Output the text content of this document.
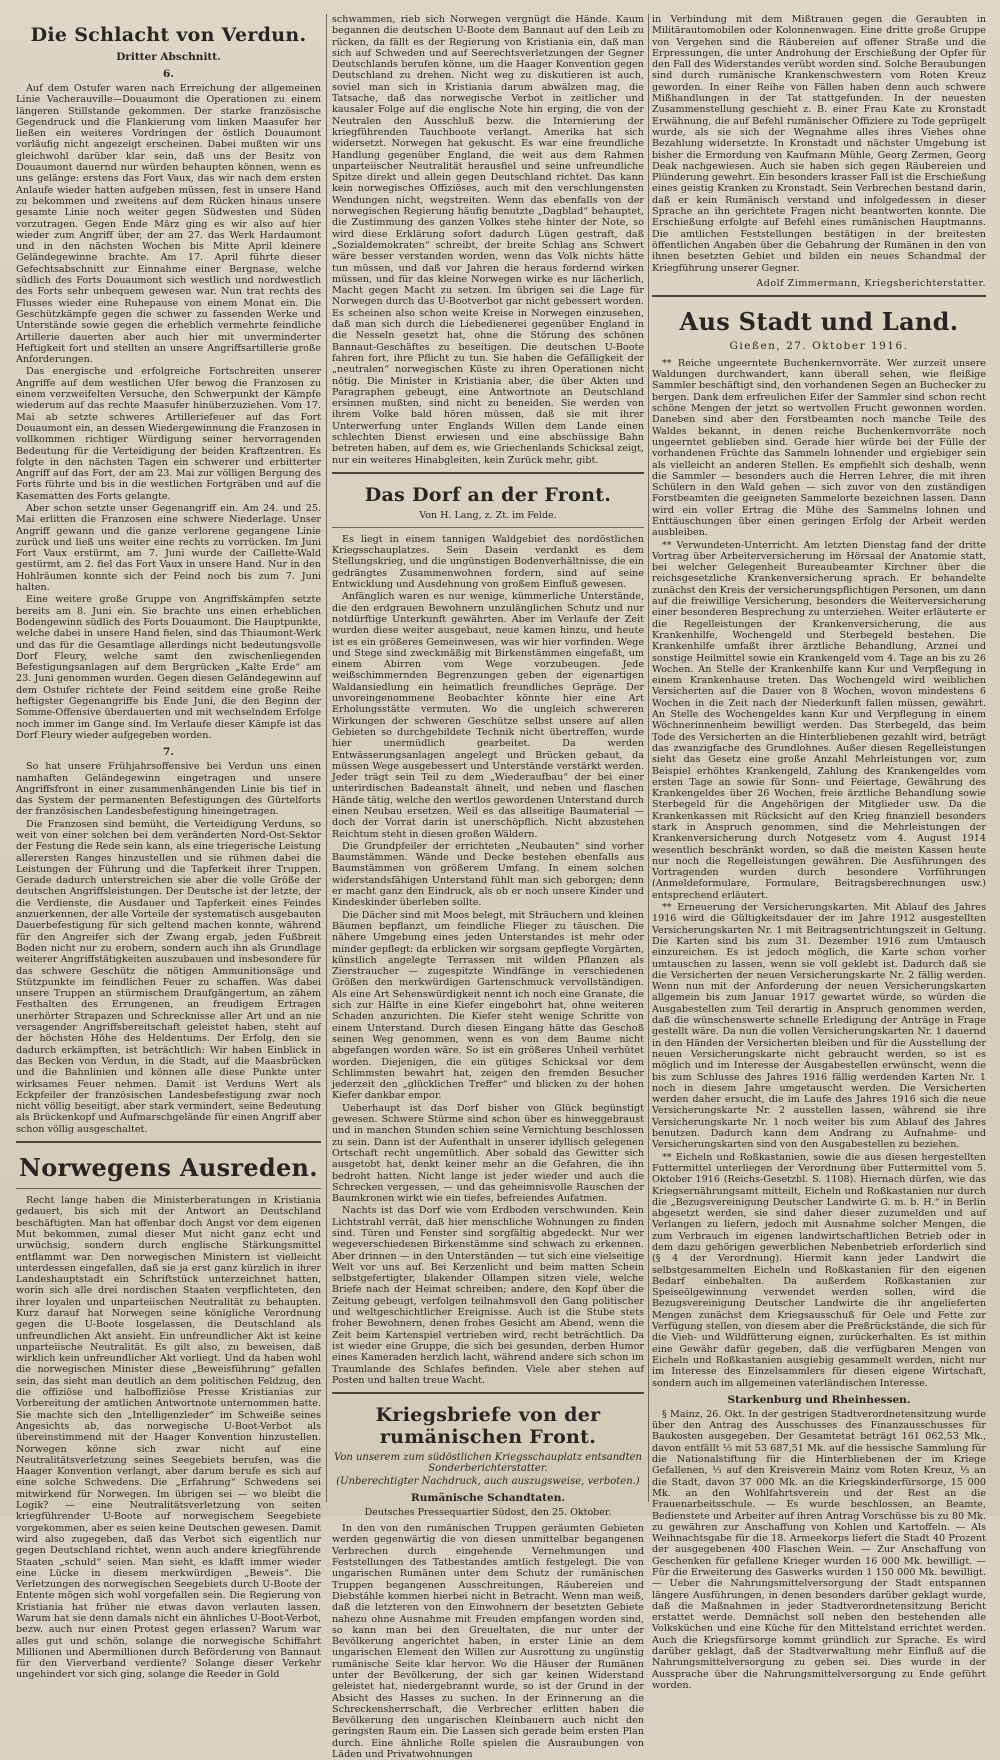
Die Schlacht von Verdun.
Dritter Abschnitt.
6.

Auf dem Ostufer waren nach Erreichung der allgemeinen Linie Vacherauville—Douaumont die Operationen zu einem längeren Stillstande gekommen. Der starke französische Gegendruck und die Flankierung vom linken Maasufer her ließen ein weiteres Vordringen der östlich Douaumont vorläufig nicht angezeigt erscheinen. Dabei mußten wir uns gleichwohl darüber klar sein, daß uns der Besitz von Douaumont dauernd nur würden behaupten können, wenn es uns gelänge: erstens das Fort Vaux, das wir nach dem ersten Anlaufe wieder hatten aufgeben müssen, fest in unsere Hand zu bekommen und zweitens auf dem Rücken hinaus unsere gesamte Linie noch weiter gegen Südwesten und Süden vorzutragen. Gegen Ende März ging es wir also auf hier wieder zum Angriff über, der am 27. das Werk Hardaumont und in den nächsten Wochen bis Mitte April kleinere Geländegewinne brachte. Am 17. April führte dieser Gefechtsabschnitt zur Einnahme einer Bergnase, welche südlich des Forts Douaumont sich westlich und nordwestlich des Forts sehr unbequem gewesen war. Nun trat rechts des Flusses wieder eine Ruhepause von einem Monat ein. Die Geschützkämpfe gegen die schwer zu fassenden Werke und Unterstände sowie gegen die erheblich vermehrte feindliche Artillerie dauerten aber auch hier mit unverminderter Heftigkeit fort und stellten an unsere Angriffsartillerie große Anforderungen.

Das energische und erfolgreiche Fortschreiten unserer Angriffe auf dem westlichen Ufer bewog die Franzosen zu einem verzweifelten Versuche, den Schwerpunkt der Kämpfe wiederum auf das rechte Maasufer hinüberzuziehen. Vom 17. Mai ab setzte schweres Artilleriefeuer auf das Fort Douaumont ein, an dessen Wiedergewinnung die Franzosen in vollkommen richtiger Würdigung seiner hervorragenden Bedeutung für die Verteidigung der beiden Kraftzentren. Es folgte in den nächsten Tagen ein schwerer und erbitterter Angriff auf das Fort, der am 23. Mai zur völligen Bergung des Forts führte und bis in die westlichen Fortgräben und auf die Kasematten des Forts gelangte.

Aber schon setzte unser Gegenangriff ein. Am 24. und 25. Mai erlitten die Franzosen eine schwere Niederlage. Unser Angriff gewann und die ganze verlorene gegangene Linie zurück und ließ uns weiter eine rechts zu vorrücken. Im Juni Fort Vaux erstürmt, am 7. Juni wurde der Caillette-Wald gestürmt, am 2. fiel das Fort Vaux in unsere Hand. Nur in den Hohlräumen konnte sich der Feind noch bis zum 7. Juni halten.

Eine weitere große Gruppe von Angriffskämpfen setzte bereits am 8. Juni ein. Sie brachte uns einen erheblichen Bodengewinn südlich des Forts Douaumont. Die Hauptpunkte, welche dabei in unsere Hand fielen, sind das Thiaumont-Werk und das für die Gesamtlage allerdings nicht bedeutungsvolle Dorf Fleury, welche samt den zwischenliegenden Befestigungsanlagen auf dem Bergrücken „Kalte Erde“ am 23. Juni genommen wurden. Gegen diesen Geländegewinn auf dem Ostufer richtete der Feind seitdem eine große Reihe heftigster Gegenangriffe bis Ende Juni, die den Beginn der Somme-Offensive überdauerten und mit wechselndem Erfolge noch immer im Gange sind. Im Verlaufe dieser Kämpfe ist das Dorf Fleury wieder aufgegeben worden.

7.

So hat unsere Frühjahrsoffensive bei Verdun uns einen namhaften Geländegewinn eingetragen und unsere Angriffsfront in einer zusammenhängenden Linie bis tief in das System der permanenten Befestigungen des Gürtelforts der französischen Landesbefestigung hineingetragen.

Die Franzosen sind bemüht, die Verteidigung Verduns, so weit von einer solchen bei dem veränderten Nord-Ost-Sektor der Festung die Rede sein kann, als eine triegerische Leistung allerersten Ranges hinzustellen und sie rühmen dabei die Leistungen der Führung und die Tapferkeit ihrer Truppen. Gerade dadurch unterstreichen sie aber die volle Größe der deutschen Angriffsleistungen. Der Deutsche ist der letzte, der die Verdienste, die Ausdauer und Tapferkeit eines Feindes anzuerkennen, der alle Vorteile der systematisch ausgebauten Dauerbefestigung für sich geltend machen konnte, während für den Angreifer sich der Zwang ergab, jeden Fußbreit Boden nicht nur zu erobern, sondern auch ihn als Grundlage weiterer Angriffstätigkeiten auszubauen und insbesondere für das schwere Geschütz die nötigen Ammunitionsäge und Stützpunkte im feindlichen Feuer zu schaffen. Was dabei unsere Truppen an stürmischem Draufgängertum, an zähem Festhalten des Errungenen, an freudigem Ertragen unerhörter Strapazen und Schrecknisse aller Art und an nie versagender Angriffsbereitschaft geleistet haben, steht auf der höchsten Höhe des Heldentums. Der Erfolg, den sie dadurch erkämpften, ist beträchtlich: Wir haben Einblick in das Becken von Verdun, in die Stadt, auf die Maasbrücken und die Bahnlinien und können alle diese Punkte unter wirksames Feuer nehmen. Damit ist Verduns Wert als Eckpfeiler der französischen Landesbefestigung zwar noch nicht völlig beseitigt, aber stark vermindert, seine Bedeutung als Brückenkopf und Aufmarschgelände für einen Angriff aber schon völlig ausgeschaltet.

Norwegens Ausreden.

Recht lange haben die Ministerberatungen in Kristiania gedauert, bis sich mit der Antwort an Deutschland beschäftigten. Man hat offenbar doch Angst vor dem eigenen Mut bekommen, zumal dieser Mut nicht ganz echt und urwüchsig, sondern durch englische Stärkungsmittel entflammt war. Den norwegischen Ministern ist vielleicht unterdessen eingefallen, daß sie ja erst ganz kürzlich in ihrer Landeshauptstadt ein Schriftstück unterzeichnet hatten, worin sich alle drei nordischen Staaten verpflichteten, den ihrer loyalen und unparteiischen Neutralität zu behaupten. Kurz darauf hat Norwegen seine königliche Verordnung gegen die U-Boote losgelassen, die Deutschland als unfreundlichen Akt ansieht. Ein unfreundlicher Akt ist keine unparteiische Neutralität. Es gilt also, zu beweisen, daß wirklich kein unfreundlicher Akt vorliegt. Und da haben wohl die norwegischen Minister diese „Beweisführung“ gefallen sein, das sieht man deutlich an dem politischen Feldzug, den die offiziöse und halboffiziöse Presse Kristianias zur Vorbereitung der amtlichen Antwortnote unternommen hatte. Sie machte sich den „Intelligenzleder“ im Schweiße seines Angesichts ab, das norwegische U-Boot-Verbot als übereinstimmend mit der Haager Konvention hinzustellen. Norwegen könne sich zwar nicht auf eine Neutralitätsverletzung seines Seegebiets berufen, was die Haager Konvention verlangt, aber darum berufe es sich auf eine solche Schwedens. Die „Erfahrung“ Schwedens sei mitwirkend für Norwegen. Im übrigen sei — wo bleibt die Logik? — eine Neutralitätsverletzung von seiten kriegführender U-Boote auf norwegischem Seegebiete vorgekommen, aber es seien keine Deutschen gewesen. Damit wird also zugegeben, daß das Verbot sich eigentlich nur gegen Deutschland richtet, wenn auch andere kriegführende Staaten „schuld“ seien. Man sieht, es klafft immer wieder eine Lücke in diesem merkwürdigen „Beweis“. Die Verletzungen des norwegischen Seegebiets durch U-Boote der Entente mögen sich wohl vorgefallen sein. Die Regierung von Kristiania hat früher nie etwas davon verlauten lassen. Warum hat sie denn damals nicht ein ähnliches U-Boot-Verbot, bezw. auch nur einen Protest gegen erlassen? Warum war alles gut und schön, solange die norwegische Schiffahrt Millionen und Abermillionen durch Beförderung von Bannaut für den Vierverband verdiente? Solange dieser Verkehr ungehindert vor sich ging, solange die Reeder in Gold

schwammen, rieb sich Norwegen vergnügt die Hände. Kaum begannen die deutschen U-Boote dem Bannaut auf den Leib zu rücken, da fällt es der Regierung von Kristiania ein, daß man sich auf Schweden und auf Seerechtsverletzungen der Gegner Deutschlands berufen könne, um die Haager Konvention gegen Deutschland zu drehen. Nicht weg zu diskutieren ist auch, soviel man sich in Kristiania darum abwälzen mag, die Tatsache, daß das norwegische Verbot in zeitlicher und kausaler Folge auf die englische Note hin erging, die von der Neutralen den Ausschluß bezw. die Internierung der kriegführenden Tauchboote verlangt. Amerika hat sich widersetzt. Norwegen hat gekuscht. Es war eine freundliche Handlung gegenüber England, die weit aus dem Rahmen unparteiischer Neutralität herausfiel und seine unfreundliche Spitze direkt und allein gegen Deutschland richtet. Das kann kein norwegisches Offiziöses, auch mit den verschlungensten Wendungen nicht, wegstreiten. Wenn das ebenfalls von der norwegischen Regierung häufig benutzte „Dagblad“ behauptet, die Zustimmung des ganzen Volkes stehe hinter der Note, so wird diese Erklärung sofort dadurch Lügen gestraft, daß „Sozialdemokraten“ schreibt, der breite Schlag ans Schwert wäre besser verstanden worden, wenn das Volk nichts hätte tun müssen, und daß vor Jahren die heraus fordernd wirken müssen, und für das kleine Norwegen wirke es nur lächerlich, Macht gegen Macht zu setzen. Im übrigen sei die Lage für Norwegen durch das U-Bootverbot gar nicht gebessert worden. Es scheinen also schon weite Kreise in Norwegen einzusehen, daß man sich durch die Liebedienerei gegenüber England in die Nesseln gesetzt hat, ohne die Störung des schönen Bannaut-Geschäftes zu beseitigen. Die deutschen U-Boote fahren fort, ihre Pflicht zu tun. Sie haben die Gefälligkeit der „neutralen“ norwegischen Küste zu ihren Operationen nicht nötig. Die Minister in Kristiania aber, die über Akten und Paragraphen gebeugt, eine Antwortnote an Deutschland ersinnen mußten, sind nicht zu beneiden. Sie werden von ihrem Volke bald hören müssen, daß sie mit ihrer Unterwerfung unter Englands Willen dem Lande einen schlechten Dienst erwiesen und eine abschüssige Bahn betreten haben, auf dem es, wie Griechenlands Schicksal zeigt, nur ein weiteres Hinabgleiten, kein Zurück mehr, gibt.

Das Dorf an der Front.
Von H. Lang, z. Zt. im Felde.

Es liegt in einem tannigen Waldgebiet des nordöstlichen Kriegsschauplatzes. Sein Dasein verdankt es dem Stellungskrieg, und die ungünstigen Bodenverhältnisse, die ein gedrängtes Zusammenwohnen fordern, sind auf seine Entwicklung und Ausdehnung von großem Einfluß gewesen.

Anfänglich waren es nur wenige, kümmerliche Unterstände, die den erdgrauen Bewohnern unzulänglichen Schutz und nur notdürftige Unterkunft gewährten. Aber im Verlaufe der Zeit wurden diese weiter ausgebaut, neue kamen hinzu, und heute ist es ein größeres Gemeinwesen, was wir hier vorfinden. Wege und Stege sind zweckmäßig mit Birkenstämmen eingefaßt, um einem Abirren vom Wege vorzubeugen. Jede weißschimmernden Begrenzungen geben der eigenartigen Waldansiedlung ein heimatlich freundliches Gepräge. Der unvoreingenommene Beobachter könnte hier eine Art Erholungsstätte vermuten. Wo die ungleich schwereren Wirkungen der schweren Geschütze selbst unsere auf allen Gebieten so durchgebildete Technik nicht übertreffen, wurde hier unermüdlich gearbeitet. Da werden Entwässerungsanlagen angelegt und Brücken gebaut, da müssen Wege ausgebessert und Unterstände verstärkt werden. Jeder trägt sein Teil zu dem „Wiederaufbau“ der bei einer unterirdischen Badeanstalt ähnelt, und neben und flaschen Hände tätig, welche den wertlos gewordenen Unterstand durch einen Neubau ersetzen. Weil es das allseitige Baumaterial — doch der Vorrat darin ist unerschöpflich. Nicht abzustehen Reichtum steht in diesen großen Wäldern.

Die Grundpfeiler der errichteten „Neubauten“ sind vorher Baumstämmen. Wände und Decke bestehen ebenfalls aus Baumstämmen von größerem Umfang. In einem solchen widerstandsfähigen Unterstand fühlt man sich geborgen; denn er macht ganz den Eindruck, als ob er noch unsere Kinder und Kindeskinder überleben sollte.

Die Dächer sind mit Moos belegt, mit Sträuchern und kleinen Bäumen bepflanzt, um feindliche Flieger zu täuschen. Die nähere Umgebung eines jeden Unterstandes ist mehr oder minder gepflegt: da erblicken wir sorgsam gepflegte Vorgärten, künstlich angelegte Terrassen mit wilden Pflanzen als Zierstraucher — zugespitzte Windfänge in verschiedenen Größen den merkwürdigen Gartenschmuck vervollständigen. Als eine Art Sehenswürdigkeit nennt ich noch eine Granate, die sich zur Hälfte in eine Kiefer eingebohrt hat, ohne weiteren Schaden anzurichten. Die Kiefer steht wenige Schritte von einem Unterstand. Durch diesen Eingang hätte das Geschoß seinen Weg genommen, wenn es von dem Baume nicht abgefangen worden wäre. So ist ein größeres Unheil verhütet worden. Diejenigen, die ein gütiges Schicksal vor dem Schlimmsten bewahrt hat, zeigen den fremden Besucher jederzeit den „glücklichen Treffer“ und blicken zu der hohen Kiefer dankbar empor.

Ueberhaupt ist das Dorf bisher von Glück begünstigt gewesen. Schwere Stürme sind schon über es hinweggebraust und in manchen Stunden schien seine Vernichtung beschlossen zu sein. Dann ist der Aufenthalt in unserer idyllisch gelegenen Ortschaft recht ungemütlich. Aber sobald das Gewitter sich ausgetobt hat, denkt keiner mehr an die Gefahren, die ihn bedroht hatten. Nicht lange ist jeder wieder und auch die Schrecken vergessen, — und das geheimnisvolle Rauschen der Baumkronen wirkt wie ein tiefes, befreiendes Aufatmen.

Nachts ist das Dorf wie vom Erdboden verschwunden. Kein Lichtstrahl verrät, daß hier menschliche Wohnungen zu finden sind. Türen und Fenster sind sorgfältig abgedeckt. Nur wer wegeverschiedenen Birkenstämme sind schwach zu erkennen. Aber drinnen — in den Unterständen — tut sich eine vielseitige Welt vor uns auf. Bei Kerzenlicht und beim matten Schein selbstgefertigter, blakender Ollampen sitzen viele, welche Briefe nach der Heimat schreiben; andere, den Kopf über die Zeitung gebeugt, verfolgen teilnahmsvoll den Gang politischer und weltgeschichtlicher Ereignisse. Auch ist die Stube stets froher Bewohnern, denen frohes Gesicht am Abend, wenn die Zeit beim Kartenspiel vertrieben wird, recht beträchtlich. Da ist wieder eine Gruppe, die sich bei gesunden, derben Humor eines Kameraden herzlich lacht, während andere sich schon im Traumlande des Schlafes befinden. Viele aber stehen auf Posten und halten treue Wacht.

Kriegsbriefe von der rumänischen Front.
Von unserem zum südöstlichen Kriegsschauplatz entsandten Sonderberichterstatter.
(Unberechtigter Nachdruck, auch auszugsweise, verboten.)
Rumänische Schandtaten.
Deutsches Pressequartier Südost, den 25. Oktober.

In den von den rumänischen Truppen geräumten Gebieten werden gegenwärtig die von diesen unmittelbar begangenen Verbrechen durch eingehende Vernehmungen und Feststellungen des Tatbestandes amtlich festgelegt. Die von ungarischen Rumänen unter dem Schutz der rumänischen Truppen begangenen Ausschreitungen, Räubereien und Diebstähle kommen hierbei nicht in Betracht. Wenn man weiß, daß die letzteren von den Einwohnern der besetzten Gebiete nahezu ohne Ausnahme mit Freuden empfangen worden sind, so kann man bei den Greueltaten, die nur unter der Bevölkerung angerichtet haben, in erster Linie an dem ungarischen Element den Willen zur Ausrottung zu ungünstig rumänische Seite klar hervor. Wo die Häuser der Rumänen unter der Bevölkerung, der sich gar keinen Widerstand geleistet hat, niedergebrannt wurde, so ist der Grund in der Absicht des Hasses zu suchen. In der Erinnerung an die Schreckensherrschaft, die Verbrecher erlitten haben die Bevölkerung den ungarischen Kleinbauern auch nicht den geringsten Raum ein. Die Lassen sich gerade beim ersten Plan durch. Eine ähnliche Rolle spielen die Ausraubungen von Läden und Privatwohnungen

in Verbindung mit dem Mißtrauen gegen die Geraubten in Militärautomobilen oder Kolonnenwagen. Eine dritte große Gruppe von Vergehen sind die Räubereien auf offener Straße und die Erpressungen, die unter Androhung der Erschießung der Opfer für den Fall des Widerstandes verübt worden sind. Solche Beraubungen sind durch rumänische Krankenschwestern vom Roten Kreuz geworden. In einer Reihe von Fällen haben denn auch schwere Mißhandlungen in der Tat stattgefunden. In der neuesten Zusammenstellung geschieht z. B. einer Frau Kate zu Kronstadt Erwähnung, die auf Befehl rumänischer Offiziere zu Tode geprügelt wurde, als sie sich der Wegnahme alles ihres Viehes ohne Bezahlung widersetzte. In Kronstadt und nächster Umgebung ist bisher die Ermordung von Kaufmann Mühle, Georg Zermen, Georg Deak nachgewiesen. Auch sie haben sich gegen Räubereien und Plünderung gewehrt. Ein besonders krasser Fall ist die Erschießung eines geistig Kranken zu Kronstadt. Sein Verbrechen bestand darin, daß er kein Rumänisch verstand und infolgedessen in dieser Sprache an ihn gerichtete Fragen nicht beantworten konnte. Die Erschießung erfolgte auf Befehl eines rumänischen Hauptmanns. Die amtlichen Feststellungen bestätigen in der breitesten öffentlichen Angaben über die Gebahrung der Rumänen in den von ihnen besetzten Gebiet und bilden ein neues Schandmal der Kriegführung unserer Gegner.

Adolf Zimmermann, Kriegsberichterstatter.
Aus Stadt und Land.
Gießen, 27. Oktober 1916.

** Reiche ungeerntete Buchenkernvorräte. Wer zurzeit unsere Waldungen durchwandert, kann überall sehen, wie fleißige Sammler beschäftigt sind, den vorhandenen Segen an Buchecker zu bergen. Dank dem erfreulichen Eifer der Sammler sind schon recht schöne Mengen der jetzt so wertvollen Frucht gewonnen worden. Daneben sind aber den Forstbeamten noch manche Teile des Waldes bekannt, in denen reiche Buchenkernvorräte noch ungeerntet geblieben sind. Gerade hier würde bei der Fülle der vorhandenen Früchte das Sammeln lohnender und ergiebiger sein als vielleicht an anderen Stellen. Es empfiehlt sich deshalb, wenn die Sammler — besonders auch die Herren Lehrer, die mit ihren Schülern in den Wald gehen — sich zuvor von den zuständigen Forstbeamten die geeigneten Sammelorte bezeichnen lassen. Dann wird ein voller Ertrag die Mühe des Sammelns lohnen und Enttäuschungen über einen geringen Erfolg der Arbeit werden ausbleiben.

** Verwundeten-Unterricht. Am letzten Dienstag fand der dritte Vortrag über Arbeiterversicherung im Hörsaal der Anatomie statt, bei welcher Gelegenheit Bureaubeamter Kirchner über die reichsgesetzliche Krankenversicherung sprach. Er behandelte zunächst den Kreis der versicherungspflichtigen Personen, um dann auf die freiwillige Versicherung, besonders die Weiterversicherung einer besonderen Besprechung zu unterziehen. Weiter erläuterte er die Regelleistungen der Krankenversicherung, die aus Krankenhilfe, Wochengeld und Sterbegeld bestehen. Die Krankenhilfe umfaßt ihrer ärztliche Behandlung, Arznei und sonstige Heilmittel sowie ein Krankengeld vom 4. Tage an bis zu 26 Wochen. An Stelle der Krankenhilfe kann Kur und Verpflegung in einem Krankenhause treten. Das Wochengeld wird weiblichen Versicherten auf die Dauer von 8 Wochen, wovon mindestens 6 Wochen in die Zeit nach der Niederkunft fallen müssen, gewährt. An Stelle des Wochengeldes kann Kur und Verpflegung in einem Wöchnerinnenheim bewilligt werden. Das Sterbegeld, das beim Tode des Versicherten an die Hinterbliebenen gezahlt wird, beträgt das zwanzigfache des Grundlohnes. Außer diesen Regelleistungen sieht das Gesetz eine große Anzahl Mehrleistungen vor, zum Beispiel erhöhtes Krankengeld, Zahlung des Krankengeldes vom ersten Tage an sowie für Sonn- und Feiertage, Gewährung des Krankengeldes über 26 Wochen, freie ärztliche Behandlung sowie Sterbegeld für die Angehörigen der Mitglieder usw. Da die Krankenkassen mit Rücksicht auf den Krieg finanziell besonders stark in Anspruch genommen, sind die Mehrleistungen der Krankenversicherung durch Notgesetz vom 4. August 1914 wesentlich beschränkt worden, so daß die meisten Kassen heute nur noch die Regelleistungen gewähren. Die Ausführungen des Vortragenden wurden durch besondere Vorführungen (Anmeldeformulare, Formulare, Beitragsberechnungen usw.) entsprechend erläutert.

** Erneuerung der Versicherungskarten. Mit Ablauf des Jahres 1916 wird die Gültigkeitsdauer der im Jahre 1912 ausgestellten Versicherungskarten Nr. 1 mit Beitragsentrichtungszeit in Geltung. Die Karten sind bis zum 31. Dezember 1916 zum Umtausch einzureichen. Es ist jedoch möglich, die Karte schon vorher umtauschen zu lassen, wenn sie voll geklebt ist. Dadurch daß sie die Versicherten der neuen Versicherungskarte Nr. 2 fällig werden. Wenn nun mit der Anforderung der neuen Versicherungskarten allgemein bis zum Januar 1917 gewartet würde, so würden die Ausgabestellen zum Teil derartig in Anspruch genommen werden, daß die wünschenswerte schnelle Erledigung der Anträge in Frage gestellt wäre. Da nun die vollen Versicherungskarten Nr. 1 dauernd in den Händen der Versicherten bleiben und für die Ausstellung der neuen Versicherungskarte nicht gebraucht werden, so ist es möglich und im Interesse der Ausgabestellen erwünscht, wenn die bis zum Schlusse des Jahres 1916 fällig werdenden Karten Nr. 1 noch in diesem Jahre umgetauscht werden. Die Versicherten werden daher ersucht, die im Laufe des Jahres 1916 sich die neue Versicherungskarte Nr. 2 ausstellen lassen, während sie ihre Versicherungskarte Nr. 1 noch weiter bis zum Ablauf des Jahres benutzen. Dadurch kann dem Andrang zu Aufnahme- und Versicherungskarten sind von den Ausgabestellen zu beziehen.

** Eicheln und Roßkastanien, sowie die aus diesen hergestellten Futtermittel unterliegen der Verordnung über Futtermittel vom 5. Oktober 1916 (Reichs-Gesetzbl. S. 1108). Hiernach dürfen, wie das Kriegsernährungsamt mitteilt, Eicheln und Roßkastanien nur durch die „Bezugsvereinigung Deutscher Landwirte G. m. b. H.“ in Berlin abgesetzt werden, sie sind daher dieser zuzumelden und auf Verlangen zu liefern, jedoch mit Ausnahme solcher Mengen, die zum Verbrauch im eigenen landwirtschaftlichen Betrieb oder in dem dazu gehörigen gewerblichen Nebenbetrieb erforderlich sind (§ 4 der Verordnung). Hiermit kann jeder Landwirt die selbstgesammelten Eicheln und Roßkastanien für den eigenen Bedarf einbehalten. Da außerdem Roßkastanien zur Speiseölgewinnung verwendet werden sollen, wird die Bezugsvereinigung Deutscher Landwirte die ihr angelieferten Mengen zunächst dem Kriegsausschuß für Oele und Fette zur Verfügung stellen, von diesem aber die Preßrückstände, die sich für die Vieh- und Wildfütterung eignen, zurückerhalten. Es ist mithin eine Gewähr dafür gegeben, daß die verfügbaren Mengen von Eicheln und Roßkastanien ausgiebig gesammelt werden, nicht nur im Interesse des Einzelsammlers für diesen eigene Wirtschaft, sondern auch im allgemeinen vaterländischen Interesse.

Starkenburg und Rheinhessen.

§ Mainz, 26. Okt. In der gestrigen Stadtverordnetensitzung wurde über den Antrag des Ausschusses des Finanzausschusses für Baukosten ausgegeben. Der Gesamtetat beträgt 161 062,53 Mk., davon entfällt ⅓ mit 53 687,51 Mk. auf die hessische Sammlung für die Nationalstiftung für die Hinterbliebenen der im Kriege Gefallenen, ⅓ auf den Kreisverein Mainz vom Roten Kreuz, ⅓ an die Stadt, davon 37 000 Mk. an die Kriegskinderfürsorge, 15 000 Mk. an den Wohlfahrtsverein und der Rest an die Frauenarbeitsschule. — Es wurde beschlossen, an Beamte, Bedienstete und Arbeiter auf ihren Antrag Vorschüsse bis zu 80 Mk. zu gewähren zur Anschaffung von Kohlen und Kartoffeln. — Als Weihnachtsgabe für die 18. Armeekorps liefert die Stadt 40 Prozent der ausgegebenen 400 Flaschen Wein. — Zur Anschaffung von Geschenken für gefallene Krieger wurden 16 000 Mk. bewilligt. — Für die Erweiterung des Gaswerks wurden 1 150 000 Mk. bewilligt. — Ueber die Nahrungsmittelversorgung der Stadt entspannen längere Ausführungen, in denen besonders darüber geklagt wurde, daß die Maßnahmen in jeder Stadtverordnetensitzung Bericht erstattet werde. Demnächst soll neben den bestehenden alle Volksküchen und eine Küche für den Mittelstand errichtet werden. Auch die Kriegsfürsorge kommt gründlich zur Sprache. Es wird darüber geklagt, daß der Stadtverwaltung mehr Einfluß auf die Nahrungsmittelversorgung zu geben sei. Dies wurde in der Aussprache über die Nahrungsmittelversorgung zu Ende geführt worden.
